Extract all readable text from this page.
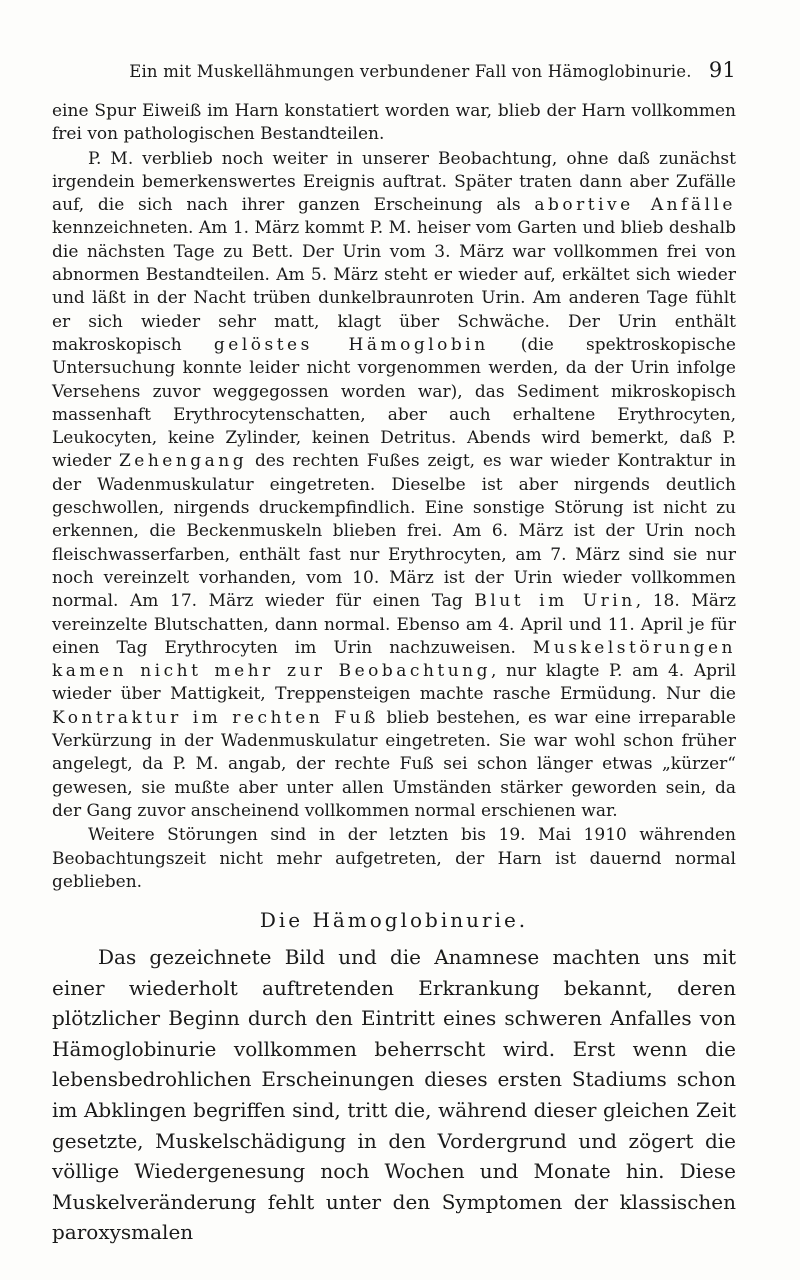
Ein mit Muskellähmungen verbundener Fall von Hämoglobinurie. 91

eine Spur Eiweiß im Harn konstatiert worden war, blieb der Harn vollkommen frei von pathologischen Bestandteilen.

P. M. verblieb noch weiter in unserer Beobachtung, ohne daß zunächst irgendein bemerkenswertes Ereignis auftrat. Später traten dann aber Zufälle auf, die sich nach ihrer ganzen Erscheinung als abortive Anfälle kennzeichneten. Am 1. März kommt P. M. heiser vom Garten und blieb deshalb die nächsten Tage zu Bett. Der Urin vom 3. März war vollkommen frei von abnormen Bestandteilen. Am 5. März steht er wieder auf, erkältet sich wieder und läßt in der Nacht trüben dunkelbraunroten Urin. Am anderen Tage fühlt er sich wieder sehr matt, klagt über Schwäche. Der Urin enthält makroskopisch gelöstes Hämoglobin (die spektroskopische Untersuchung konnte leider nicht vorgenommen werden, da der Urin infolge Versehens zuvor weggegossen worden war), das Sediment mikroskopisch massenhaft Erythrocytenschatten, aber auch erhaltene Erythrocyten, Leukocyten, keine Zylinder, keinen Detritus. Abends wird bemerkt, daß P. wieder Zehengang des rechten Fußes zeigt, es war wieder Kontraktur in der Wadenmuskulatur eingetreten. Dieselbe ist aber nirgends deutlich geschwollen, nirgends druckempfindlich. Eine sonstige Störung ist nicht zu erkennen, die Beckenmuskeln blieben frei. Am 6. März ist der Urin noch fleischwasserfarben, enthält fast nur Erythrocyten, am 7. März sind sie nur noch vereinzelt vorhanden, vom 10. März ist der Urin wieder vollkommen normal. Am 17. März wieder für einen Tag Blut im Urin, 18. März vereinzelte Blutschatten, dann normal. Ebenso am 4. April und 11. April je für einen Tag Erythrocyten im Urin nachzuweisen. Muskelstörungen kamen nicht mehr zur Beobachtung, nur klagte P. am 4. April wieder über Mattigkeit, Treppensteigen machte rasche Ermüdung. Nur die Kontraktur im rechten Fuß blieb bestehen, es war eine irreparable Verkürzung in der Wadenmuskulatur eingetreten. Sie war wohl schon früher angelegt, da P. M. angab, der rechte Fuß sei schon länger etwas „kürzer“ gewesen, sie mußte aber unter allen Umständen stärker geworden sein, da der Gang zuvor anscheinend vollkommen normal erschienen war.

Weitere Störungen sind in der letzten bis 19. Mai 1910 währenden Beobachtungszeit nicht mehr aufgetreten, der Harn ist dauernd normal geblieben.

Die Hämoglobinurie.

Das gezeichnete Bild und die Anamnese machten uns mit einer wiederholt auftretenden Erkrankung bekannt, deren plötzlicher Beginn durch den Eintritt eines schweren Anfalles von Hämoglobinurie vollkommen beherrscht wird. Erst wenn die lebensbedrohlichen Erscheinungen dieses ersten Stadiums schon im Abklingen begriffen sind, tritt die, während dieser gleichen Zeit gesetzte, Muskelschädigung in den Vordergrund und zögert die völlige Wiedergenesung noch Wochen und Monate hin. Diese Muskelveränderung fehlt unter den Symptomen der klassischen paroxysmalen
